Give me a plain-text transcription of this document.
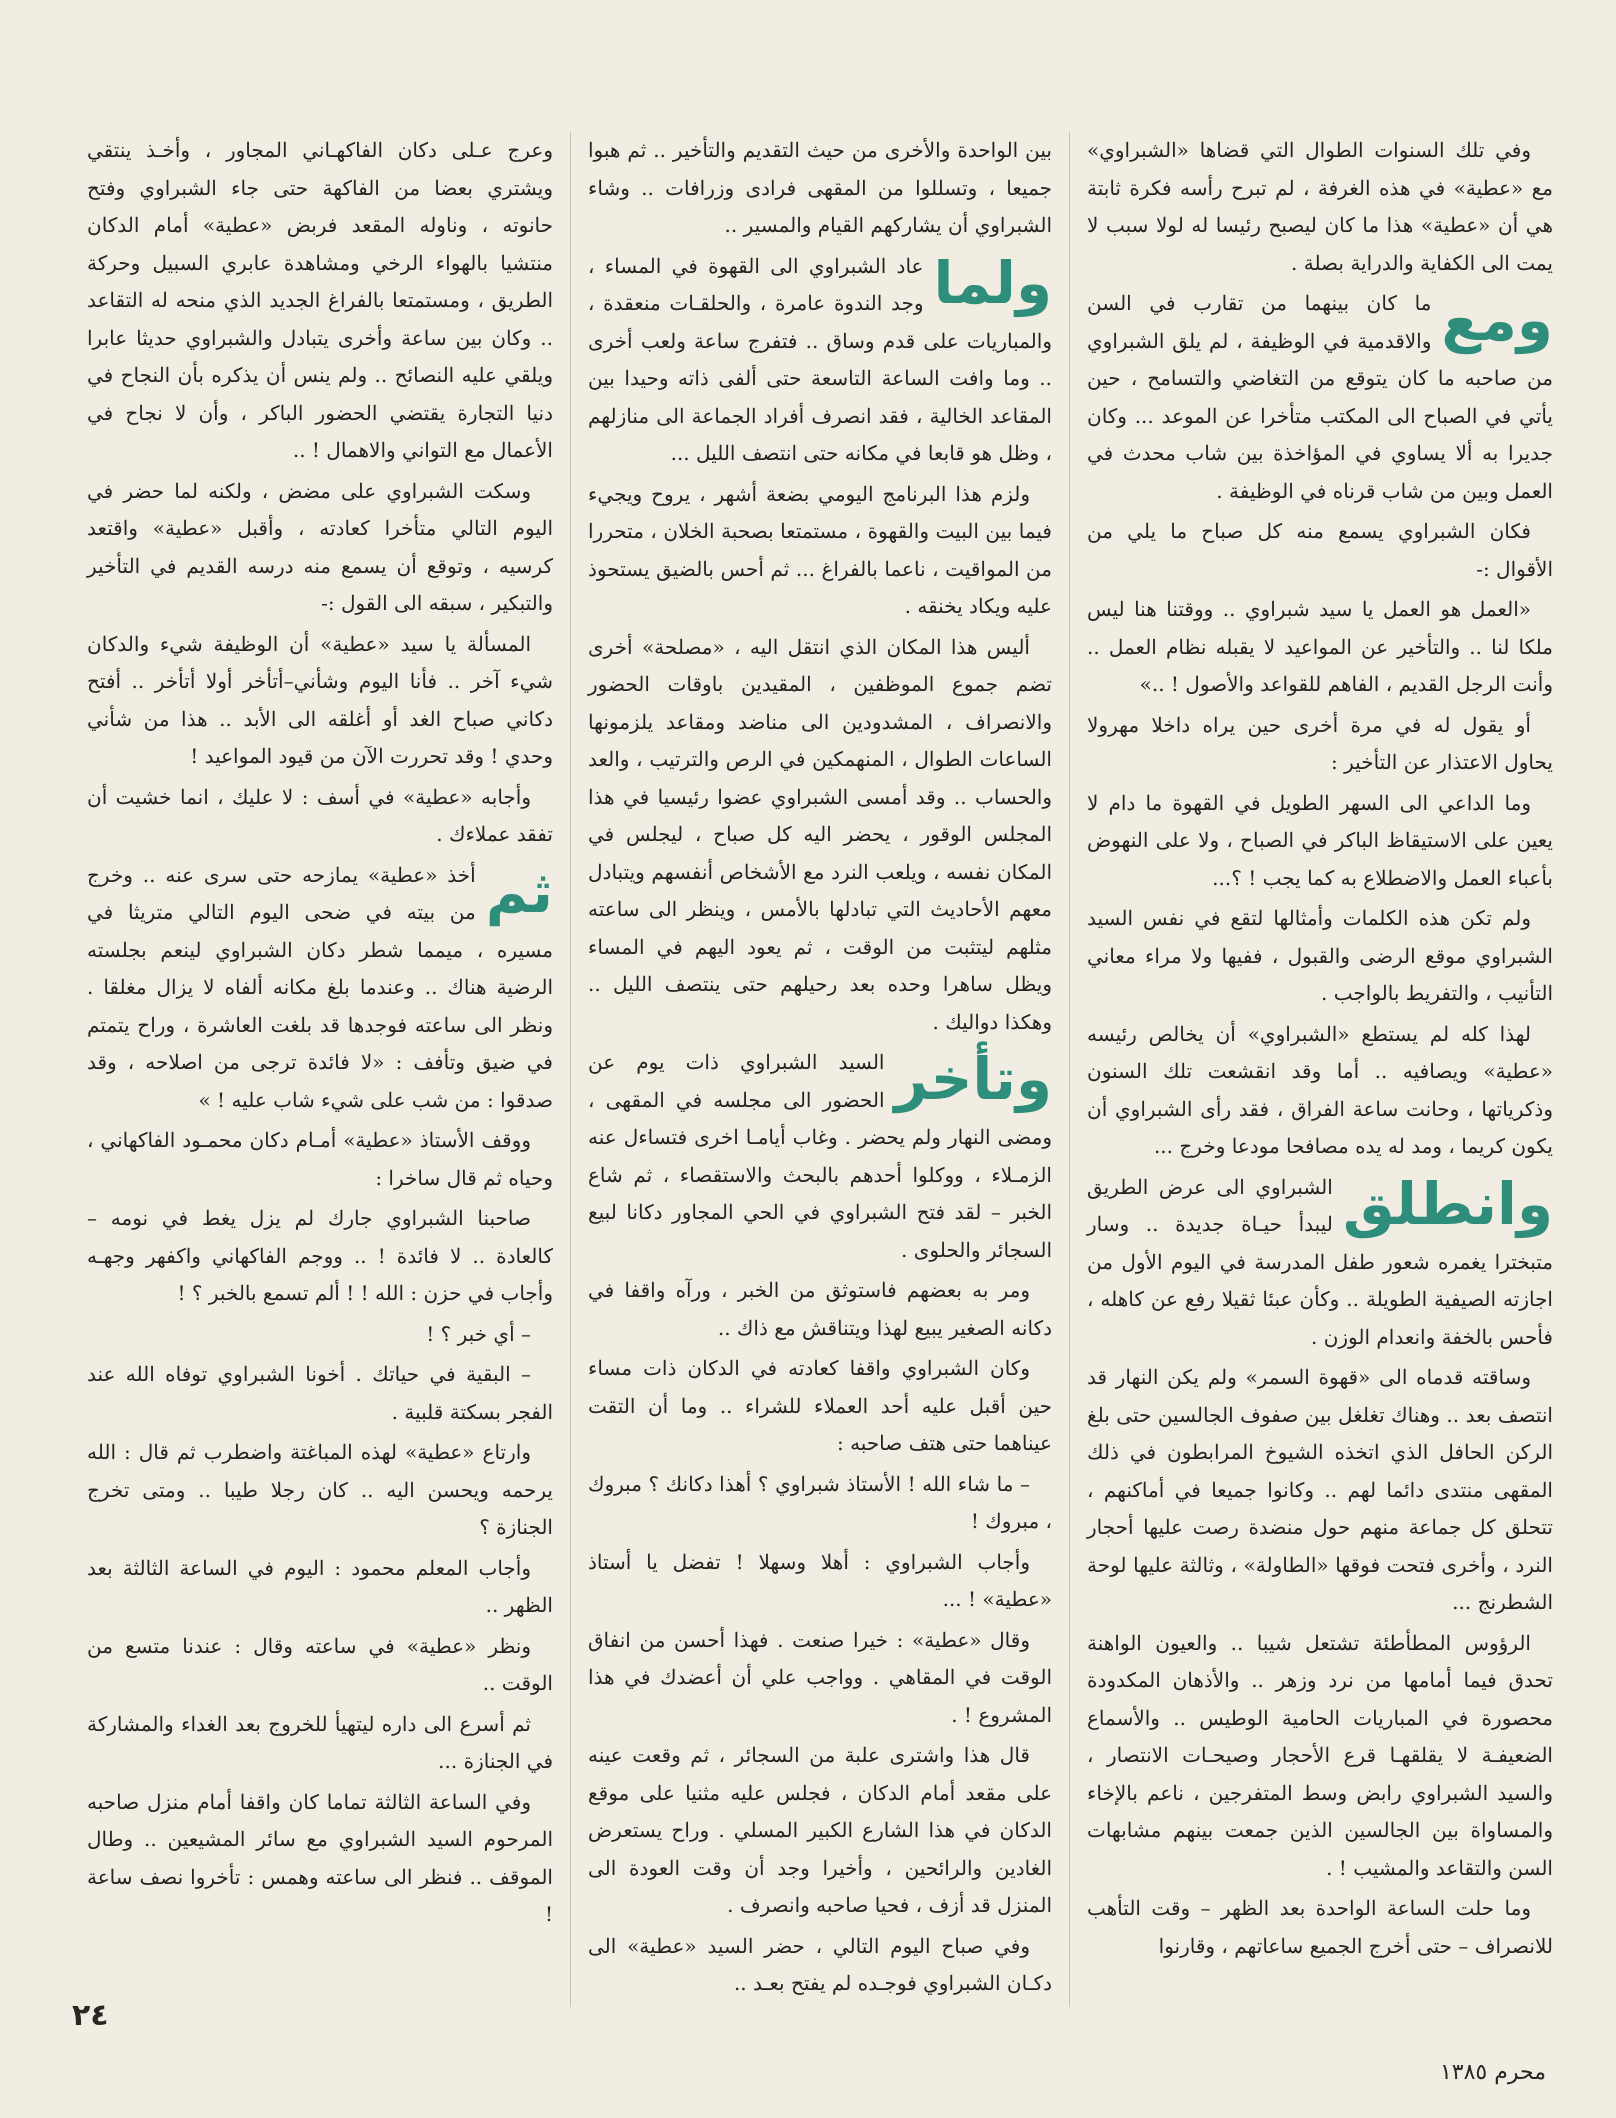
وفي تلك السنوات الطوال التي قضاها «الشبراوي» مع «عطية» في هذه الغرفة ، لم تبرح رأسه فكرة ثابتة هي أن «عطية» هذا ما كان ليصبح رئيسا له لولا سبب لا يمت الى الكفاية والدراية بصلة .

ومع
ما كان بينهما من تقارب في السن والاقدمية في الوظيفة ، لم يلق الشبراوي من صاحبه ما كان يتوقع من التغاضي والتسامح ، حين يأتي في الصباح الى المكتب متأخرا عن الموعد ... وكان جديرا به ألا يساوي في المؤاخذة بين شاب محدث في العمل وبين من شاب قرناه في الوظيفة .

فكان الشبراوي يسمع منه كل صباح ما يلي من الأقوال :-

«العمل هو العمل يا سيد شبراوي .. ووقتنا هنا ليس ملكا لنا .. والتأخير عن المواعيد لا يقبله نظام العمل .. وأنت الرجل القديم ، الفاهم للقواعد والأصول ! ..»

أو يقول له في مرة أخرى حين يراه داخلا مهرولا يحاول الاعتذار عن التأخير :

وما الداعي الى السهر الطويل في القهوة ما دام لا يعين على الاستيقاظ الباكر في الصباح ، ولا على النهوض بأعباء العمل والاضطلاع به كما يجب ! ؟...

ولم تكن هذه الكلمات وأمثالها لتقع في نفس السيد الشبراوي موقع الرضى والقبول ، ففيها ولا مراء معاني التأنيب ، والتفريط بالواجب .

لهذا كله لم يستطع «الشبراوي» أن يخالص رئيسه «عطية» ويصافيه .. أما وقد انقشعت تلك السنون وذكرياتها ، وحانت ساعة الفراق ، فقد رأى الشبراوي أن يكون كريما ، ومد له يده مصافحا مودعا وخرج ...

وانطلق
الشبراوي الى عرض الطريق ليبدأ حيـاة جديدة .. وسار متبخترا يغمره شعور طفل المدرسة في اليوم الأول من اجازته الصيفية الطويلة .. وكأن عبئا ثقيلا رفع عن كاهله ، فأحس بالخفة وانعدام الوزن .

وساقته قدماه الى «قهوة السمر» ولم يكن النهار قد انتصف بعد .. وهناك تغلغل بين صفوف الجالسين حتى بلغ الركن الحافل الذي اتخذه الشيوخ المرابطون في ذلك المقهى منتدى دائما لهم .. وكانوا جميعا في أماكنهم ، تتحلق كل جماعة منهم حول منضدة رصت عليها أحجار النرد ، وأخرى فتحت فوقها «الطاولة» ، وثالثة عليها لوحة الشطرنج ...

الرؤوس المطأطئة تشتعل شيبا .. والعيون الواهنة تحدق فيما أمامها من نرد وزهر .. والأذهان المكدودة محصورة في المباريات الحامية الوطيس .. والأسماع الضعيفـة لا يقلقهـا قرع الأحجار وصيحـات الانتصار ، والسيد الشبراوي رابض وسط المتفرجين ، ناعم بالإخاء والمساواة بين الجالسين الذين جمعت بينهم مشابهات السن والتقاعد والمشيب ! .

وما حلت الساعة الواحدة بعد الظهر – وقت التأهب للانصراف – حتى أخرج الجميع ساعاتهم ، وقارنوا

بين الواحدة والأخرى من حيث التقديم والتأخير .. ثم هبوا جميعا ، وتسللوا من المقهى فرادى وزرافات .. وشاء الشبراوي أن يشاركهم القيام والمسير ..

ولما
عاد الشبراوي الى القهوة في المساء ، وجد الندوة عامرة ، والحلقـات منعقدة ، والمباريات على قدم وساق .. فتفرج ساعة ولعب أخرى .. وما وافت الساعة التاسعة حتى ألفى ذاته وحيدا بين المقاعد الخالية ، فقد انصرف أفراد الجماعة الى منازلهم ، وظل هو قابعا في مكانه حتى انتصف الليل ...

ولزم هذا البرنامج اليومي بضعة أشهر ، يروح ويجيء فيما بين البيت والقهوة ، مستمتعا بصحبة الخلان ، متحررا من المواقيت ، ناعما بالفراغ ... ثم أحس بالضيق يستحوذ عليه ويكاد يخنقه .

أليس هذا المكان الذي انتقل اليه ، «مصلحة» أخرى تضم جموع الموظفين ، المقيدين باوقات الحضور والانصراف ، المشدودين الى مناضد ومقاعد يلزمونها الساعات الطوال ، المنهمكين في الرص والترتيب ، والعد والحساب .. وقد أمسى الشبراوي عضوا رئيسيا في هذا المجلس الوقور ، يحضر اليه كل صباح ، ليجلس في المكان نفسه ، ويلعب النرد مع الأشخاص أنفسهم ويتبادل معهم الأحاديث التي تبادلها بالأمس ، وينظر الى ساعته مثلهم ليتثبت من الوقت ، ثم يعود اليهم في المساء ويظل ساهرا وحده بعد رحيلهم حتى ينتصف الليل .. وهكذا دواليك .

وتأخر
السيد الشبراوي ذات يوم عن الحضور الى مجلسه في المقهى ، ومضى النهار ولم يحضر . وغاب أيامـا اخرى فتساءل عنه الزمـلاء ، ووكلوا أحدهم بالبحث والاستقصاء ، ثم شاع الخبر – لقد فتح الشبراوي في الحي المجاور دكانا لبيع السجائر والحلوى .

ومر به بعضهم فاستوثق من الخبر ، ورآه واقفا في دكانه الصغير يبيع لهذا ويتناقش مع ذاك ..

وكان الشبراوي واقفا كعادته في الدكان ذات مساء حين أقبل عليه أحد العملاء للشراء .. وما أن التقت عيناهما حتى هتف صاحبه :

– ما شاء الله ! الأستاذ شبراوي ؟ أهذا دكانك ؟ مبروك ، مبروك !

وأجاب الشبراوي : أهلا وسهلا ! تفضل يا أستاذ «عطية» ! ...

وقال «عطية» : خيرا صنعت . فهذا أحسن من انفاق الوقت في المقاهي . وواجب علي أن أعضدك في هذا المشروع ! .

قال هذا واشترى علبة من السجائر ، ثم وقعت عينه على مقعد أمام الدكان ، فجلس عليه مثنيا على موقع الدكان في هذا الشارع الكبير المسلي . وراح يستعرض الغادين والرائحين ، وأخيرا وجد أن وقت العودة الى المنزل قد أزف ، فحيا صاحبه وانصرف .

وفي صباح اليوم التالي ، حضر السيد «عطية» الى دكـان الشبراوي فوجـده لم يفتح بعـد ..

وعرج عـلى دكان الفاكهـاني المجاور ، وأخـذ ينتقي ويشتري بعضا من الفاكهة حتى جاء الشبراوي وفتح حانوته ، وناوله المقعد فربض «عطية» أمام الدكان منتشيا بالهواء الرخي ومشاهدة عابري السبيل وحركة الطريق ، ومستمتعا بالفراغ الجديد الذي منحه له التقاعد .. وكان بين ساعة وأخرى يتبادل والشبراوي حديثا عابرا ويلقي عليه النصائح .. ولم ينس أن يذكره بأن النجاح في دنيا التجارة يقتضي الحضور الباكر ، وأن لا نجاح في الأعمال مع التواني والاهمال ! ..

وسكت الشبراوي على مضض ، ولكنه لما حضر في اليوم التالي متأخرا كعادته ، وأقبل «عطية» واقتعد كرسيه ، وتوقع أن يسمع منه درسه القديم في التأخير والتبكير ، سبقه الى القول :-

المسألة يا سيد «عطية» أن الوظيفة شيء والدكان شيء آخر .. فأنا اليوم وشأني–أتأخر أولا أتأخر .. أفتح دكاني صباح الغد أو أغلقه الى الأبد .. هذا من شأني وحدي ! وقد تحررت الآن من قيود المواعيد !

وأجابه «عطية» في أسف : لا عليك ، انما خشيت أن تفقد عملاءك .

ثم
أخذ «عطية» يمازحه حتى سرى عنه .. وخرج من بيته في ضحى اليوم التالي متريثا في مسيره ، ميمما شطر دكان الشبراوي لينعم بجلسته الرضية هناك .. وعندما بلغ مكانه ألفاه لا يزال مغلقا . ونظر الى ساعته فوجدها قد بلغت العاشرة ، وراح يتمتم في ضيق وتأفف : «لا فائدة ترجى من اصلاحه ، وقد صدقوا : من شب على شيء شاب عليه ! »

ووقف الأستاذ «عطية» أمـام دكان محمـود الفاكهاني ، وحياه ثم قال ساخرا :

صاحبنا الشبراوي جارك لم يزل يغط في نومه – كالعادة .. لا فائدة ! .. ووجم الفاكهاني واكفهر وجهـه وأجاب في حزن : الله ! ! ألم تسمع بالخبر ؟ !

– أي خبر ؟ !

– البقية في حياتك . أخونا الشبراوي توفاه الله عند الفجر بسكتة قلبية .

وارتاع «عطية» لهذه المباغتة واضطرب ثم قال : الله يرحمه ويحسن اليه .. كان رجلا طيبا .. ومتى تخرج الجنازة ؟

وأجاب المعلم محمود : اليوم في الساعة الثالثة بعد الظهر ..

ونظر «عطية» في ساعته وقال : عندنا متسع من الوقت ..

ثم أسرع الى داره ليتهيأ للخروج بعد الغداء والمشاركة في الجنازة ...

وفي الساعة الثالثة تماما كان واقفا أمام منزل صاحبه المرحوم السيد الشبراوي مع سائر المشيعين .. وطال الموقف .. فنظر الى ساعته وهمس : تأخروا نصف ساعة !

٢٤
محرم ١٣٨٥
